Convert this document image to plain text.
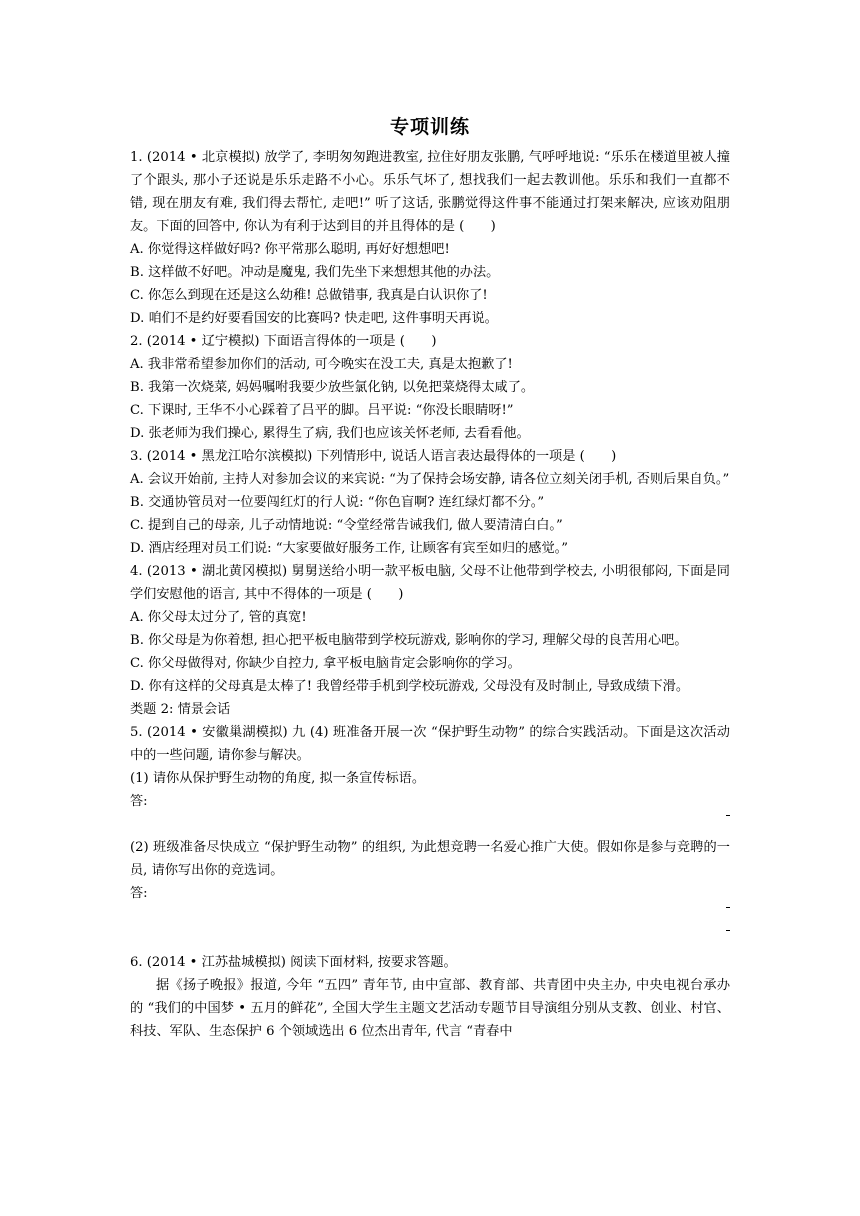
专项训练

1. (2014 • 北京模拟) 放学了, 李明匆匆跑进教室, 拉住好朋友张鹏, 气呼呼地说: “乐乐在楼道里被人撞了个跟头, 那小子还说是乐乐走路不小心。乐乐气坏了, 想找我们一起去教训他。乐乐和我们一直都不错, 现在朋友有难, 我们得去帮忙, 走吧!” 听了这话, 张鹏觉得这件事不能通过打架来解决, 应该劝阻朋友。下面的回答中, 你认为有利于达到目的并且得体的是 (　　)

A. 你觉得这样做好吗? 你平常那么聪明, 再好好想想吧!

B. 这样做不好吧。冲动是魔鬼, 我们先坐下来想想其他的办法。

C. 你怎么到现在还是这么幼稚! 总做错事, 我真是白认识你了!

D. 咱们不是约好要看国安的比赛吗? 快走吧, 这件事明天再说。

2. (2014 • 辽宁模拟) 下面语言得体的一项是 (　　)

A. 我非常希望参加你们的活动, 可今晚实在没工夫, 真是太抱歉了!

B. 我第一次烧菜, 妈妈嘱咐我要少放些氯化钠, 以免把菜烧得太咸了。

C. 下课时, 王华不小心踩着了吕平的脚。吕平说: “你没长眼睛呀!”

D. 张老师为我们操心, 累得生了病, 我们也应该关怀老师, 去看看他。

3. (2014 • 黑龙江哈尔滨模拟) 下列情形中, 说话人语言表达最得体的一项是 (　　)

A. 会议开始前, 主持人对参加会议的来宾说: “为了保持会场安静, 请各位立刻关闭手机, 否则后果自负。”

B. 交通协管员对一位要闯红灯的行人说: “你色盲啊? 连红绿灯都不分。”

C. 提到自己的母亲, 儿子动情地说: “令堂经常告诫我们, 做人要清清白白。”

D. 酒店经理对员工们说: “大家要做好服务工作, 让顾客有宾至如归的感觉。”

4. (2013 • 湖北黄冈模拟) 舅舅送给小明一款平板电脑, 父母不让他带到学校去, 小明很郁闷, 下面是同学们安慰他的语言, 其中不得体的一项是 (　　)

A. 你父母太过分了, 管的真宽!

B. 你父母是为你着想, 担心把平板电脑带到学校玩游戏, 影响你的学习, 理解父母的良苦用心吧。

C. 你父母做得对, 你缺少自控力, 拿平板电脑肯定会影响你的学习。

D. 你有这样的父母真是太棒了! 我曾经带手机到学校玩游戏, 父母没有及时制止, 导致成绩下滑。

类题 2: 情景会话

5. (2014 • 安徽巢湖模拟) 九 (4) 班准备开展一次 “保护野生动物” 的综合实践活动。下面是这次活动中的一些问题, 请你参与解决。

(1) 请你从保护野生动物的角度, 拟一条宣传标语。

答:

(2) 班级准备尽快成立 “保护野生动物” 的组织, 为此想竞聘一名爱心推广大使。假如你是参与竞聘的一员, 请你写出你的竞选词。

答:

6. (2014 • 江苏盐城模拟) 阅读下面材料, 按要求答题。

据《扬子晚报》报道, 今年 “五四” 青年节, 由中宣部、教育部、共青团中央主办, 中央电视台承办的 “我们的中国梦 • 五月的鲜花”, 全国大学生主题文艺活动专题节目导演组分别从支教、创业、村官、科技、军队、生态保护 6 个领域选出 6 位杰出青年, 代言 “青春中
